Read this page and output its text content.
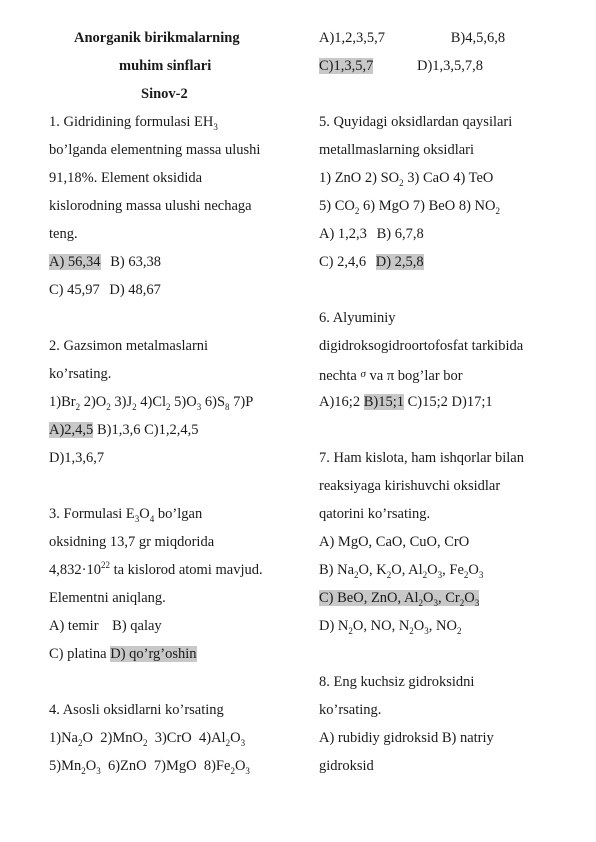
Anorganik birikmalarning
muhim sinflari
Sinov-2
1. Gidridining formulasi $EH_3$
bo’lganda elementning massa ulushi
91,18%. Element oksidida
kislorodning massa ulushi nechaga
teng.
A) 56,34 B) 63,38
C) 45,97 D) 48,67
2. Gazsimon metalmaslarni
ko’rsating.
$1)Br_2$ $2)O_2$ $3)J_2$ $4)Cl_2$ $5)O_3$ $6)S_8$ 7)P
A)2,4,5 B)1,3,6 C)1,2,4,5
D)1,3,6,7
3. Formulasi $E_3O_4$ bo’lgan
oksidning 13,7 gr miqdorida
$4,832\cdot 10^{22}$ ta kislorod atomi mavjud.
Elementni aniqlang.
A) temir B) qalay
C) platina D) qo’rg’oshin
4. Asosli oksidlarni ko’rsating
$1)Na_2O$ 2)MnO$_2$ 3)CrO $4)Al_2O_3$
$5)Mn_2O_3$ 6)ZnO 7)MgO $8)Fe_2O_3$
A)1,2,3,5,7	B)4,5,6,8
C)1,3,5,7	D)1,3,5,7,8
5. Quyidagi oksidlardan qaysilari
metallmaslarning oksidlari
1) ZnO 2) $SO_2$ 3) CaO 4) TeO
5) $CO_2$ 6) MgO 7) BeO 8) $NO_2$
A) 1,2,3 B) 6,7,8
C) 2,4,6 D) 2,5,8
6. Alyuminiy
digidroksogidroortofosfat tarkibida
nechta $^\sigma$ va π bog’lar bor
A)16;2 B)15;1 C)15;2 D)17;1
7. Ham kislota, ham ishqorlar bilan
reaksiyaga kirishuvchi oksidlar
qatorini ko’rsating.
A) MgO, CaO, CuO, CrO
B) $Na_2O$, $K_2O$, $Al_2O_3$, $Fe_2O_3$
C) BeO, ZnO, $Al_2O_3$, $Cr_2O_3$
D) $N_2O$, NO, $N_2O_3$, $NO_2$
8. Eng kuchsiz gidroksidni
ko’rsating.
A) rubidiy gidroksid B) natriy
gidroksid
